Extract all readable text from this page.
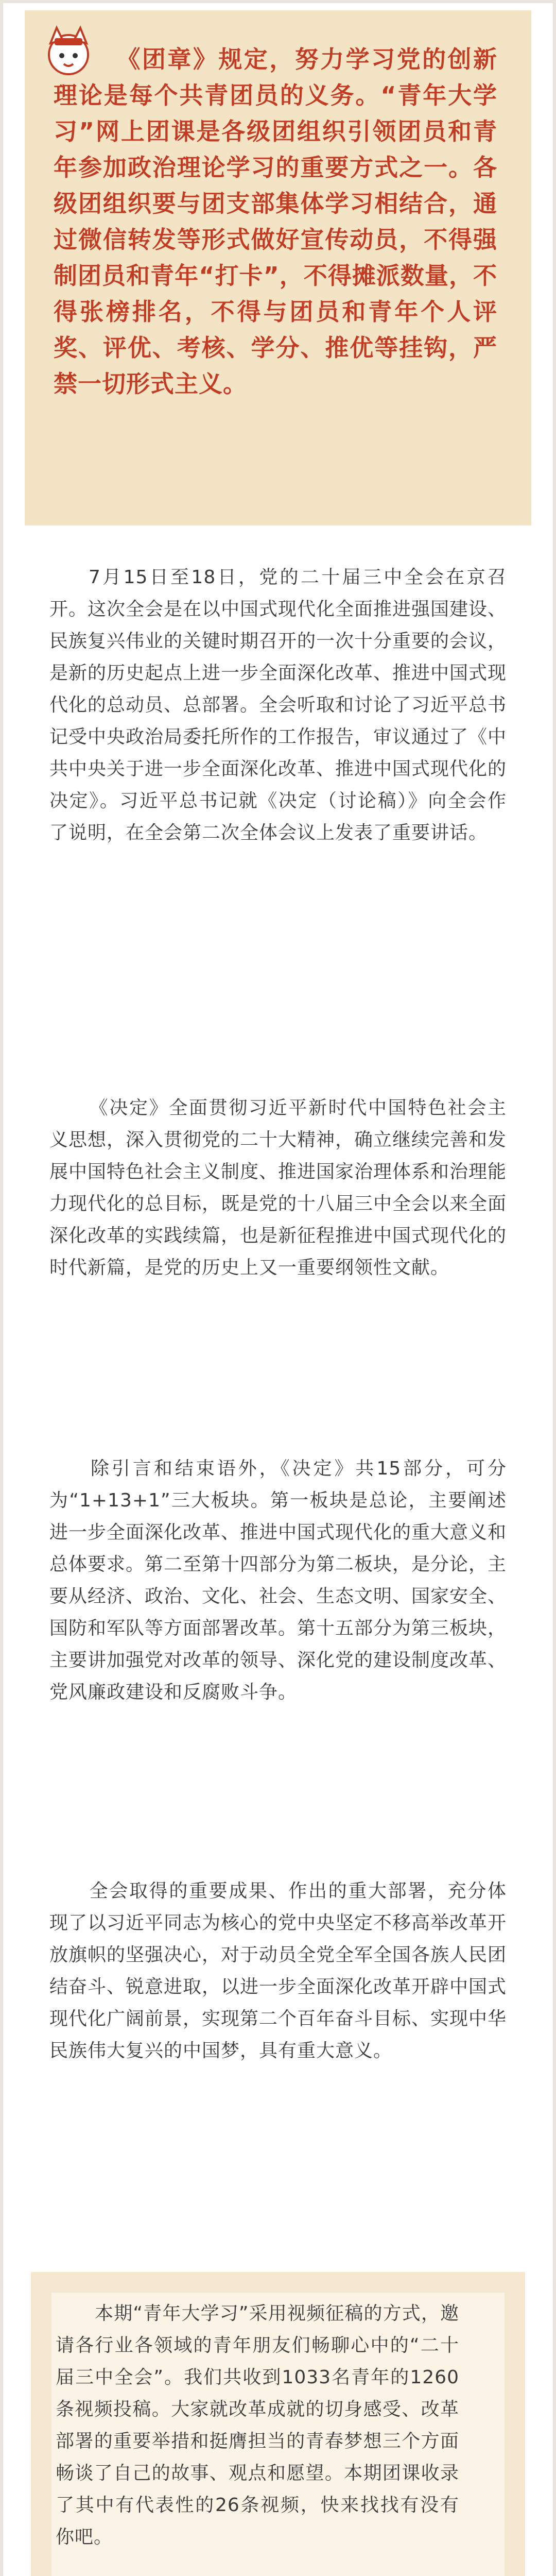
《团章》规定，努力学习党的创新理论是每个共青团员的义务。“青年大学习”网上团课是各级团组织引领团员和青年参加政治理论学习的重要方式之一。各级团组织要与团支部集体学习相结合，通过微信转发等形式做好宣传动员，不得强制团员和青年“打卡”，不得摊派数量，不得张榜排名，不得与团员和青年个人评奖、评优、考核、学分、推优等挂钩，严禁一切形式主义。

7月15日至18日，党的二十届三中全会在京召开。这次全会是在以中国式现代化全面推进强国建设、民族复兴伟业的关键时期召开的一次十分重要的会议，是新的历史起点上进一步全面深化改革、推进中国式现代化的总动员、总部署。全会听取和讨论了习近平总书记受中央政治局委托所作的工作报告，审议通过了《中共中央关于进一步全面深化改革、推进中国式现代化的决定》。习近平总书记就《决定（讨论稿）》向全会作了说明，在全会第二次全体会议上发表了重要讲话。

《决定》全面贯彻习近平新时代中国特色社会主义思想，深入贯彻党的二十大精神，确立继续完善和发展中国特色社会主义制度、推进国家治理体系和治理能力现代化的总目标，既是党的十八届三中全会以来全面深化改革的实践续篇，也是新征程推进中国式现代化的时代新篇，是党的历史上又一重要纲领性文献。

除引言和结束语外，《决定》共15部分，可分为“1+13+1”三大板块。第一板块是总论，主要阐述进一步全面深化改革、推进中国式现代化的重大意义和总体要求。第二至第十四部分为第二板块，是分论，主要从经济、政治、文化、社会、生态文明、国家安全、国防和军队等方面部署改革。第十五部分为第三板块，主要讲加强党对改革的领导、深化党的建设制度改革、党风廉政建设和反腐败斗争。

全会取得的重要成果、作出的重大部署，充分体现了以习近平同志为核心的党中央坚定不移高举改革开放旗帜的坚强决心，对于动员全党全军全国各族人民团结奋斗、锐意进取，以进一步全面深化改革开辟中国式现代化广阔前景，实现第二个百年奋斗目标、实现中华民族伟大复兴的中国梦，具有重大意义。

本期“青年大学习”采用视频征稿的方式，邀请各行业各领域的青年朋友们畅聊心中的“二十届三中全会”。我们共收到1033名青年的1260条视频投稿。大家就改革成就的切身感受、改革部署的重要举措和挺膺担当的青春梦想三个方面畅谈了自己的故事、观点和愿望。本期团课收录了其中有代表性的26条视频，快来找找有没有你吧。
